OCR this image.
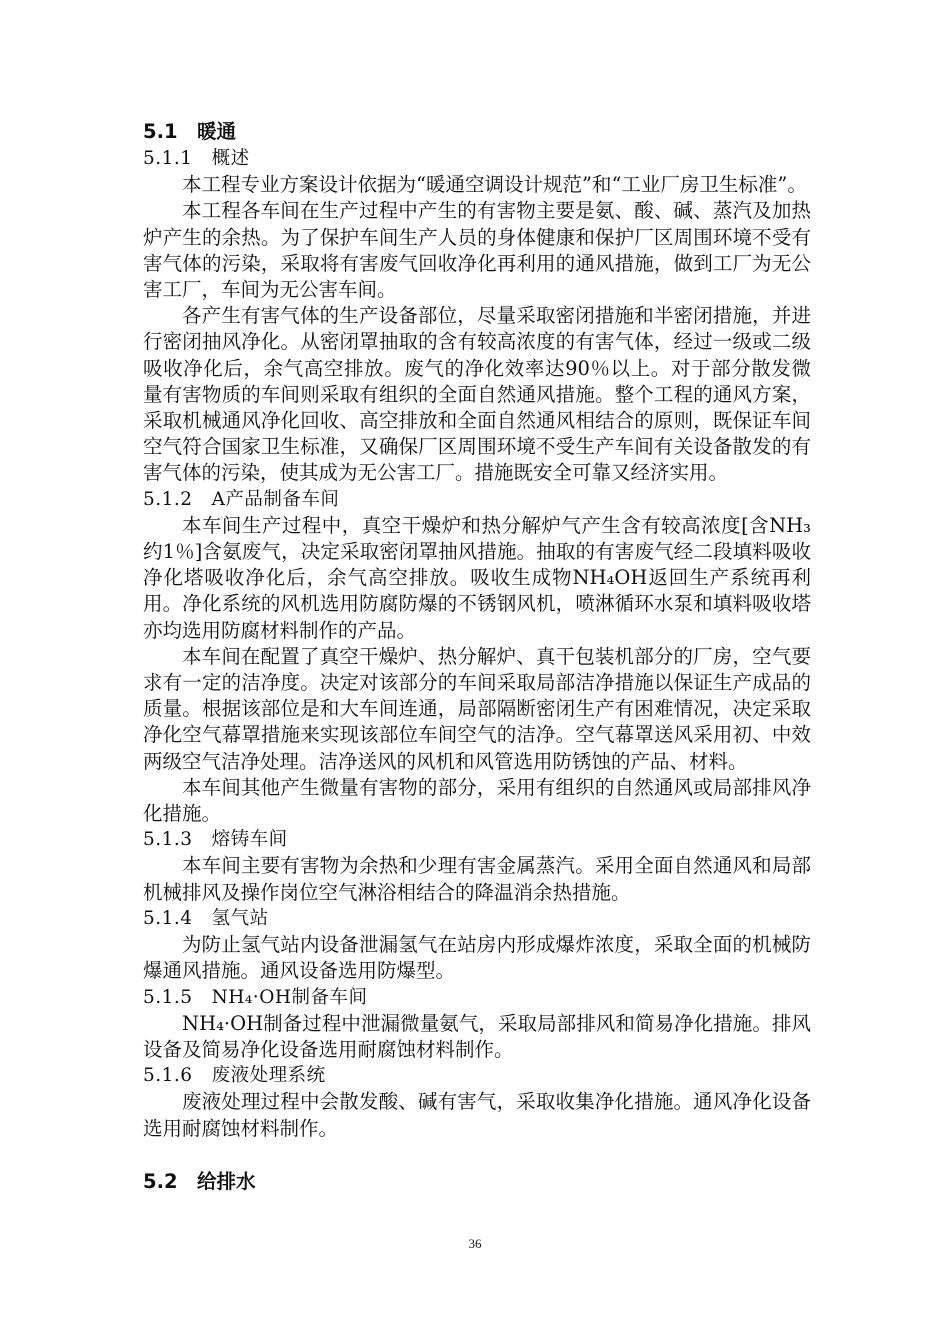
5.1　暖通
5.1.1　概述

本工程专业方案设计依据为“暖通空调设计规范”和“工业厂房卫生标准”。

本工程各车间在生产过程中产生的有害物主要是氨、酸、碱、蒸汽及加热炉产生的余热。为了保护车间生产人员的身体健康和保护厂区周围环境不受有害气体的污染，采取将有害废气回收净化再利用的通风措施，做到工厂为无公害工厂，车间为无公害车间。

各产生有害气体的生产设备部位，尽量采取密闭措施和半密闭措施，并进行密闭抽风净化。从密闭罩抽取的含有较高浓度的有害气体，经过一级或二级吸收净化后，余气高空排放。废气的净化效率达90％以上。对于部分散发微量有害物质的车间则采取有组织的全面自然通风措施。整个工程的通风方案，采取机械通风净化回收、高空排放和全面自然通风相结合的原则，既保证车间空气符合国家卫生标准，又确保厂区周围环境不受生产车间有关设备散发的有害气体的污染，使其成为无公害工厂。措施既安全可靠又经济实用。

5.1.2　A产品制备车间

本车间生产过程中，真空干燥炉和热分解炉气产生含有较高浓度[含NH₃约1％]含氨废气，决定采取密闭罩抽风措施。抽取的有害废气经二段填料吸收净化塔吸收净化后，余气高空排放。吸收生成物NH₄OH返回生产系统再利用。净化系统的风机选用防腐防爆的不锈钢风机，喷淋循环水泵和填料吸收塔亦均选用防腐材料制作的产品。

本车间在配置了真空干燥炉、热分解炉、真干包装机部分的厂房，空气要求有一定的洁净度。决定对该部分的车间采取局部洁净措施以保证生产成品的质量。根据该部位是和大车间连通，局部隔断密闭生产有困难情况，决定采取净化空气幕罩措施来实现该部位车间空气的洁净。空气幕罩送风采用初、中效两级空气洁净处理。洁净送风的风机和风管选用防锈蚀的产品、材料。

本车间其他产生微量有害物的部分，采用有组织的自然通风或局部排风净化措施。

5.1.3　熔铸车间

本车间主要有害物为余热和少理有害金属蒸汽。采用全面自然通风和局部机械排风及操作岗位空气淋浴相结合的降温消余热措施。

5.1.4　氢气站

为防止氢气站内设备泄漏氢气在站房内形成爆炸浓度，采取全面的机械防爆通风措施。通风设备选用防爆型。

5.1.5　NH₄·OH制备车间

NH₄·OH制备过程中泄漏微量氨气，采取局部排风和简易净化措施。排风设备及简易净化设备选用耐腐蚀材料制作。

5.1.6　废液处理系统

废液处理过程中会散发酸、碱有害气，采取收集净化措施。通风净化设备选用耐腐蚀材料制作。

5.2　给排水
36
